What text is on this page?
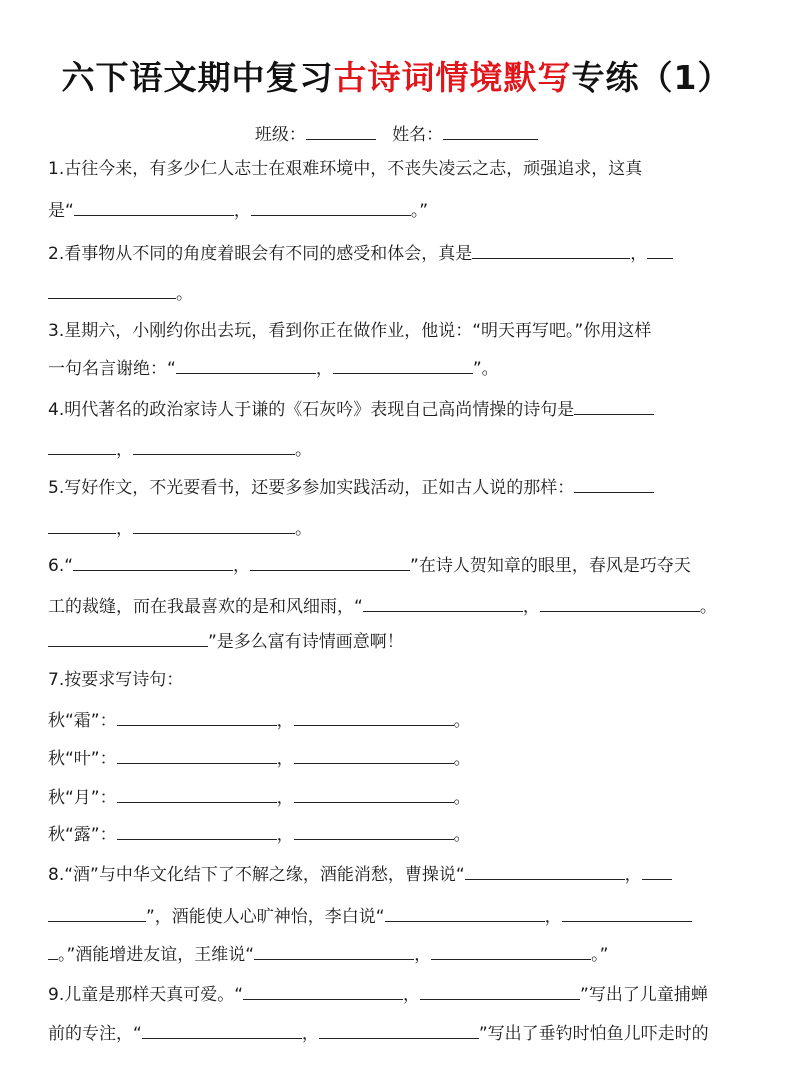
六下语文期中复习古诗词情境默写专练（1）
班级：	姓名：
1.古往今来，有多少仁人志士在艰难环境中，不丧失凌云之志，顽强追求，这真
是“	，	。”
2.看事物从不同的角度着眼会有不同的感受和体会，真是	，
。
3.星期六，小刚约你出去玩，看到你正在做作业，他说：“明天再写吧。”你用这样
一句名言谢绝：“	，	”。
4.明代著名的政治家诗人于谦的《石灰吟》表现自己高尚情操的诗句是
，	。
5.写好作文，不光要看书，还要多参加实践活动，正如古人说的那样：
，	。
6.“	，	”在诗人贺知章的眼里，春风是巧夺天
工的裁缝，而在我最喜欢的是和风细雨，“	，	。
”是多么富有诗情画意啊！
7.按要求写诗句：
秋“霜”：	，	。
秋“叶”：	，	。
秋“月”：	，	。
秋“露”：	，	。
8.“酒”与中华文化结下了不解之缘，酒能消愁，曹操说“	，
”，酒能使人心旷神怡，李白说“	，
。”酒能增进友谊，王维说“	，	。”
9.儿童是那样天真可爱。“	，	”写出了儿童捕蝉
前的专注，“	，	”写出了垂钓时怕鱼儿吓走时的
